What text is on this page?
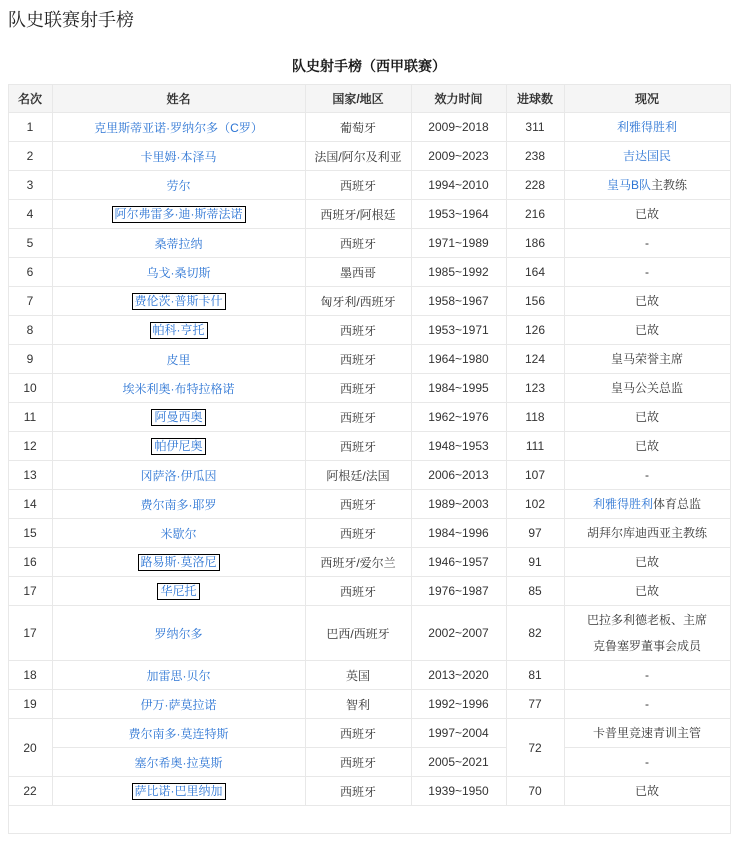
队史联赛射手榜
队史射手榜（西甲联赛）
名次	姓名	国家/地区	效力时间	进球数	现况
1	克里斯蒂亚诺·罗纳尔多（C罗）	葡萄牙	2009~2018	311	利雅得胜利

2	卡里姆·本泽马	法国/阿尔及利亚	2009~2023	238	吉达国民

3	劳尔	西班牙	1994~2010	228	皇马B队主教练

4	阿尔弗雷多·迪·斯蒂法诺	西班牙/阿根廷	1953~1964	216	已故

5	桑蒂拉纳	西班牙	1971~1989	186	-

6	乌戈·桑切斯	墨西哥	1985~1992	164	-

7	费伦茨·普斯卡什	匈牙利/西班牙	1958~1967	156	已故

8	帕科·亨托	西班牙	1953~1971	126	已故

9	皮里	西班牙	1964~1980	124	皇马荣誉主席

10	埃米利奥·布特拉格诺	西班牙	1984~1995	123	皇马公关总监

11	阿曼西奥	西班牙	1962~1976	118	已故

12	帕伊尼奥	西班牙	1948~1953	111	已故

13	冈萨洛·伊瓜因	阿根廷/法国	2006~2013	107	-

14	费尔南多·耶罗	西班牙	1989~2003	102	利雅得胜利体育总监

15	米歇尔	西班牙	1984~1996	97	胡拜尔库迪西亚主教练

16	路易斯·莫洛尼	西班牙/爱尔兰	1946~1957	91	已故

17	华尼托	西班牙	1976~1987	85	已故

17	罗纳尔多	巴西/西班牙	2002~2007	82	巴拉多利德老板、主席
克鲁塞罗董事会成员

18	加雷思·贝尔	英国	2013~2020	81	-

19	伊万·萨莫拉诺	智利	1992~1996	77	-

20	费尔南多·莫连特斯	西班牙	1997~2004	72	卡普里竞速青训主管

	塞尔希奥·拉莫斯	西班牙	2005~2021		-

22	萨比诺·巴里纳加	西班牙	1939~1950	70	已故
